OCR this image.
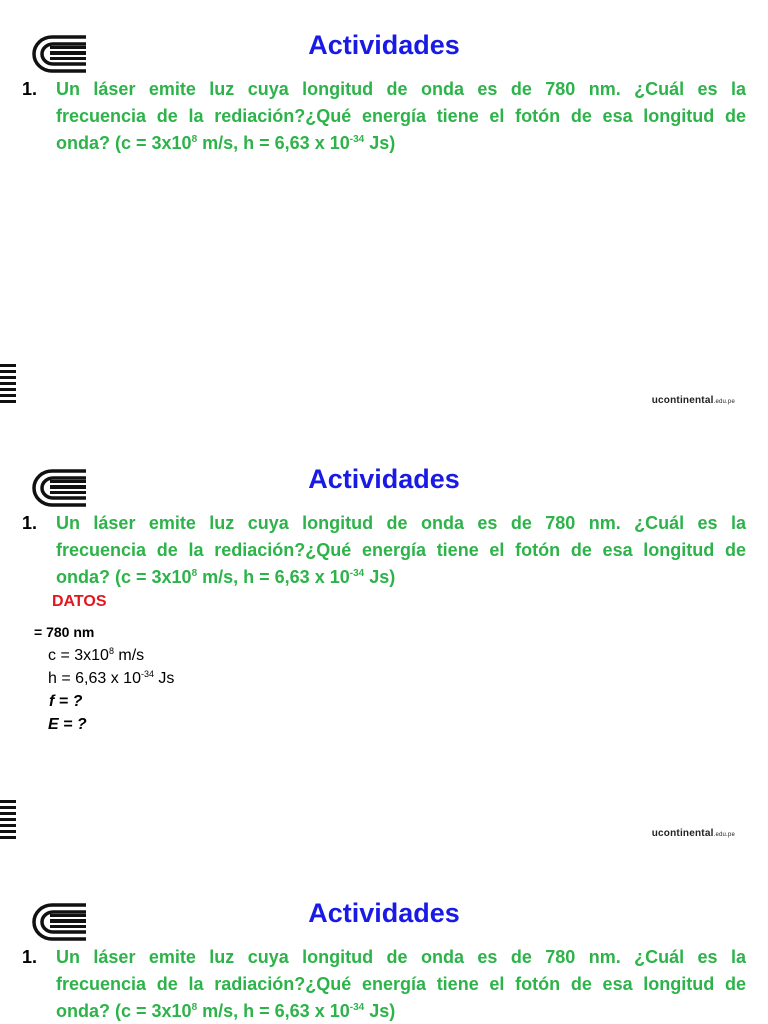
Actividades
1.	Un láser emite luz cuya longitud de onda es de 780 nm. ¿Cuál es la
frecuencia de la rediación?¿Qué energía tiene el fotón de esa longitud de
onda? ($c = 3x10^8$ m/s, h = 6,63 x $10^{-34}$ Js)
ucontinental.edu.pe
Actividades
1.	Un láser emite luz cuya longitud de onda es de 780 nm. ¿Cuál es la
frecuencia de la rediación?¿Qué energía tiene el fotón de esa longitud de
onda? ($c = 3x10^8$ m/s, h = 6,63 x $10^{-34}$ Js)
DATOS
= 780 nm
$c = 3x10^8$ m/s
h = 6,63 x $10^{-34}$ Js
f = ?
E = ?
ucontinental.edu.pe
Actividades
1.	Un láser emite luz cuya longitud de onda es de 780 nm. ¿Cuál es la
frecuencia de la radiación?¿Qué energía tiene el fotón de esa longitud de
onda? ($c = 3x10^8$ m/s, h = 6,63 x $10^{-34}$ Js)
